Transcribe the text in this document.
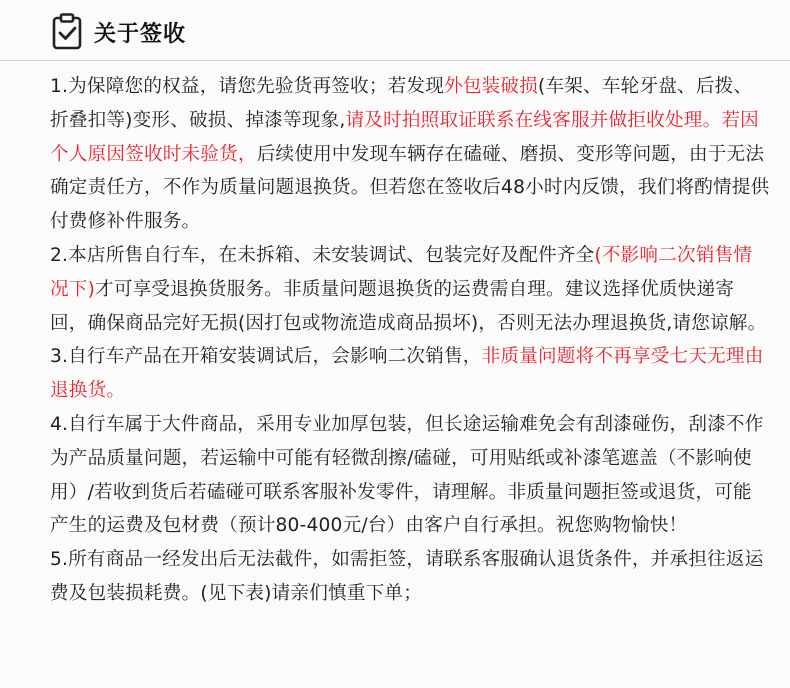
关于签收

1.为保障您的权益，请您先验货再签收；若发现外包装破损(车架、车轮牙盘、后拨、折叠扣等)变形、破损、掉漆等现象,请及时拍照取证联系在线客服并做拒收处理。若因个人原因签收时未验货，后续使用中发现车辆存在磕碰、磨损、变形等问题，由于无法确定责任方，不作为质量问题退换货。但若您在签收后48小时内反馈，我们将酌情提供付费修补件服务。

2.本店所售自行车，在未拆箱、未安装调试、包装完好及配件齐全(不影响二次销售情况下)才可享受退换货服务。非质量问题退换货的运费需自理。建议选择优质快递寄回，确保商品完好无损(因打包或物流造成商品损坏)，否则无法办理退换货,请您谅解。

3.自行车产品在开箱安装调试后，会影响二次销售，非质量问题将不再享受七天无理由退换货。

4.自行车属于大件商品，采用专业加厚包装，但长途运输难免会有刮漆碰伤，刮漆不作为产品质量问题，若运输中可能有轻微刮擦/磕碰，可用贴纸或补漆笔遮盖（不影响使用）/若收到货后若磕碰可联系客服补发零件，请理解。非质量问题拒签或退货，可能产生的运费及包材费（预计80-400元/台）由客户自行承担。祝您购物愉快！

5.所有商品一经发出后无法截件，如需拒签，请联系客服确认退货条件，并承担往返运费及包装损耗费。(见下表)请亲们慎重下单；
